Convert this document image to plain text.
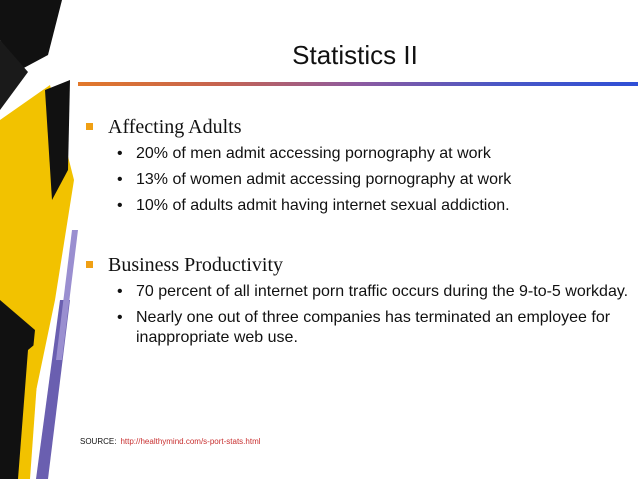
Statistics II
Affecting Adults
• 20% of men admit accessing pornography at work
• 13% of women admit accessing pornography at work
• 10% of adults admit having internet sexual addiction.
Business Productivity
• 70 percent of all internet porn traffic occurs during the 9-to-5 workday.
• Nearly one out of three companies has terminated an employee for inappropriate web use.
SOURCE: http://healthymind.com/s-port-stats.html
